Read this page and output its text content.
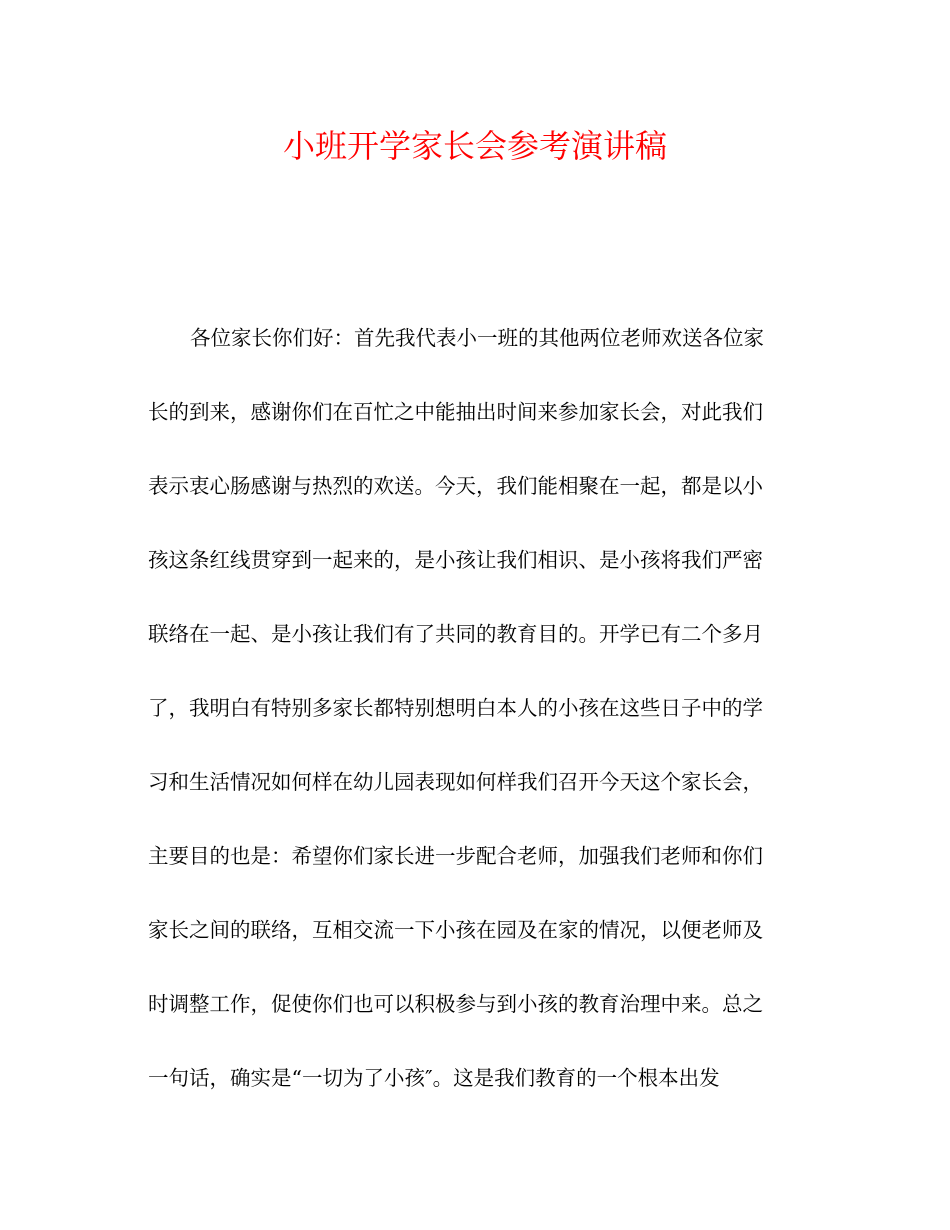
小班开学家长会参考演讲稿
各位家长你们好：首先我代表小一班的其他两位老师欢送各位家
长的到来，感谢你们在百忙之中能抽出时间来参加家长会，对此我们
表示衷心肠感谢与热烈的欢送。今天，我们能相聚在一起，都是以小
孩这条红线贯穿到一起来的，是小孩让我们相识、是小孩将我们严密
联络在一起、是小孩让我们有了共同的教育目的。开学已有二个多月
了，我明白有特别多家长都特别想明白本人的小孩在这些日子中的学
习和生活情况如何样在幼儿园表现如何样我们召开今天这个家长会，
主要目的也是：希望你们家长进一步配合老师，加强我们老师和你们
家长之间的联络，互相交流一下小孩在园及在家的情况，以便老师及
时调整工作，促使你们也可以积极参与到小孩的教育治理中来。总之
一句话，确实是“一切为了小孩″。这是我们教育的一个根本出发
